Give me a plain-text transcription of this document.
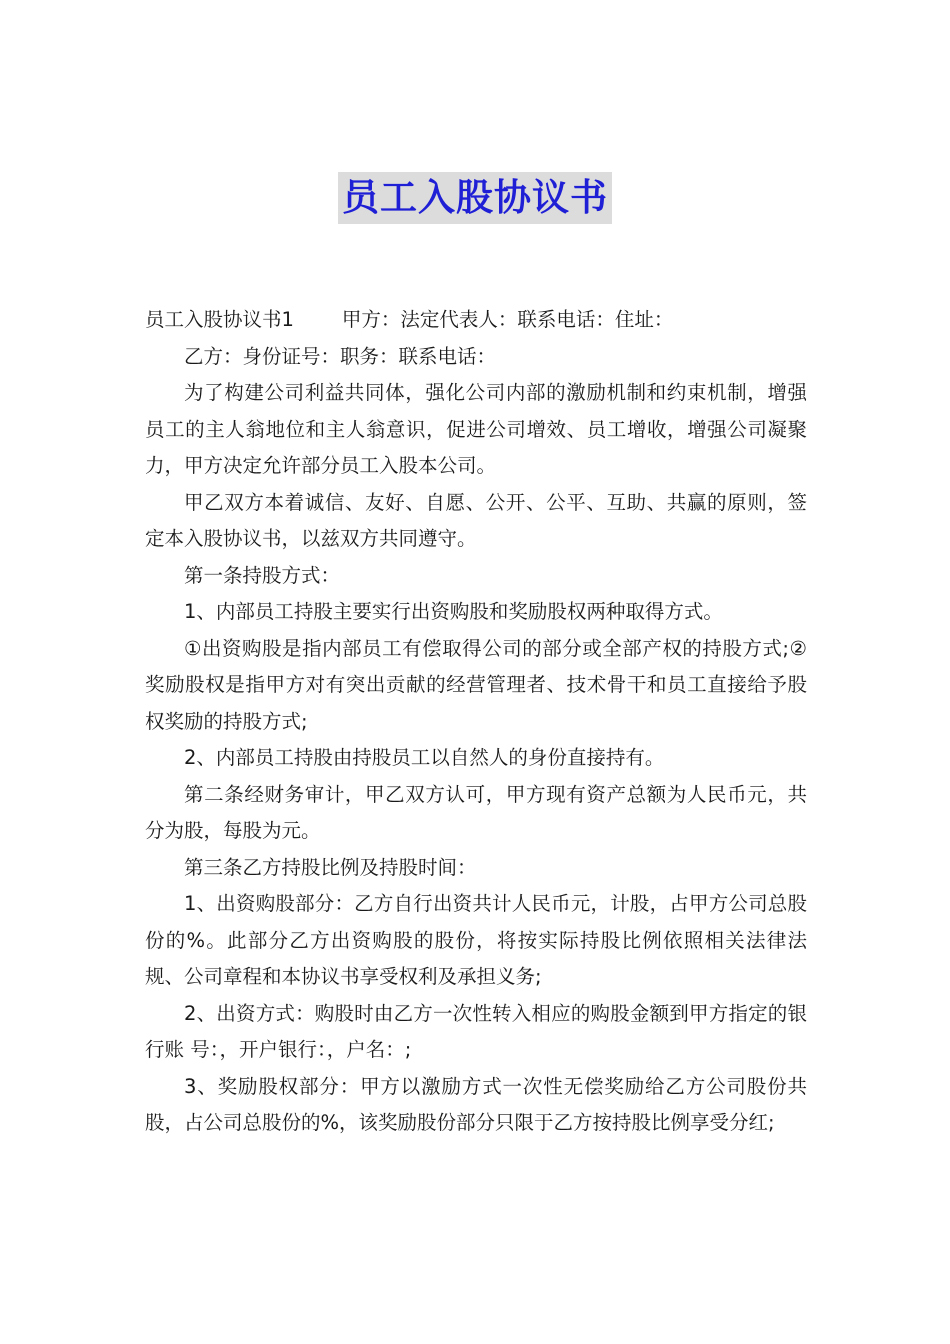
员工入股协议书

员工入股协议书1 甲方：法定代表人：联系电话：住址：

乙方：身份证号：职务：联系电话：

为了构建公司利益共同体，强化公司内部的激励机制和约束机制，增强员工的主人翁地位和主人翁意识，促进公司增效、员工增收，增强公司凝聚力，甲方决定允许部分员工入股本公司。

甲乙双方本着诚信、友好、自愿、公开、公平、互助、共赢的原则，签定本入股协议书，以兹双方共同遵守。

第一条持股方式：

1、内部员工持股主要实行出资购股和奖励股权两种取得方式。

①出资购股是指内部员工有偿取得公司的部分或全部产权的持股方式;② 奖励股权是指甲方对有突出贡献的经营管理者、技术骨干和员工直接给予股权奖励的持股方式;

2、内部员工持股由持股员工以自然人的身份直接持有。

第二条经财务审计，甲乙双方认可，甲方现有资产总额为人民币元，共分为股，每股为元。

第三条乙方持股比例及持股时间：

1、出资购股部分：乙方自行出资共计人民币元，计股，占甲方公司总股份的%。此部分乙方出资购股的股份，将按实际持股比例依照相关法律法规、公司章程和本协议书享受权利及承担义务;

2、出资方式：购股时由乙方一次性转入相应的购股金额到甲方指定的银行账 号：，开户银行：，户名：;

3、奖励股权部分：甲方以激励方式一次性无偿奖励给乙方公司股份共股，占公司总股份的%，该奖励股份部分只限于乙方按持股比例享受分红;
